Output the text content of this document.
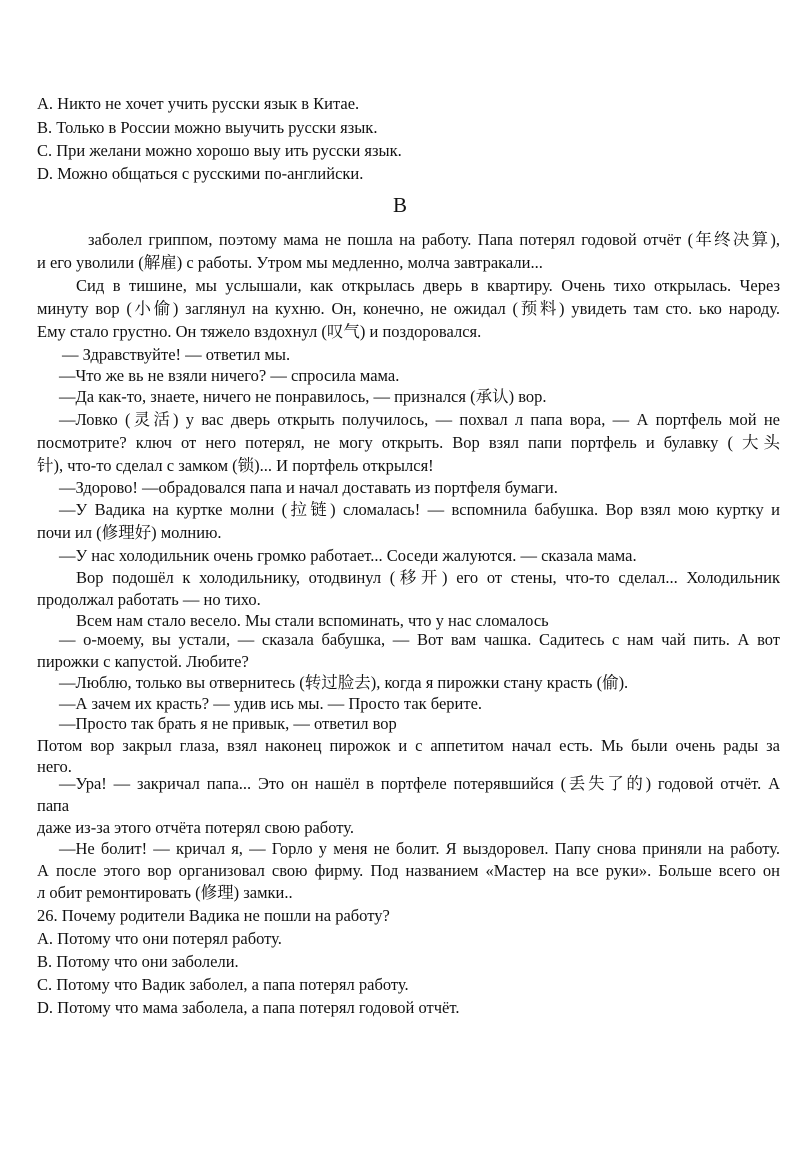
A. Никто не хочет учить русски язык в Китае.
B. Только в России можно выучить русски язык.
C. При желани можно хорошо выу ить русски язык.
D. Можно общаться с русскими по-английски.
B
заболел гриппом, поэтому мама не пошла на работу. Папа потерял годовой отчёт (年终决算),
и его уволили (解雇) с работы. Утром мы медленно, молча завтракали...
Сид в тишине, мы услышали, как открылась дверь в квартиру. Очень тихо открылась. Через
минуту вор (小偷) заглянул на кухню. Он, конечно, не ожидал (预料) увидеть там сто. ько народу.
Ему стало грустно. Он тяжело вздохнул (叹气) и поздоровался.
— Здравствуйте! — ответил мы.
—Что же вь не взяли ничего? — спросила мама.
—Да как-то, знаете, ничего не понравилось, — признался (承认) вор.
—Ловко (灵活) у вас дверь открыть получилось, — похвал л папа вора, — А портфель мой не
посмотрите? ключ от него потерял, не могу открыть. Вор взял папи портфель и булавку ( 大头
针), что-то сделал с замком (锁)... И портфель открылся!
—Здорово! —обрадовался папа и начал доставать из портфеля бумаги.
—У Вадика на куртке молни (拉链) сломалась! — вспомнила бабушка. Вор взял мою куртку и
почи ил (修理好) молнию.
—У нас холодильник очень громко работает... Соседи жалуются. — сказала мама.
Вор подошёл к холодильнику, отодвинул (移开) его от стены, что-то сделал... Холодильник
продолжал работать — но тихо.
Всем нам стало весело. Мы стали вспоминать, что у нас сломалось
— о-моему, вы устали, — сказала бабушка, — Вот вам чашка. Садитесь с нам чай пить. А вот
пирожки с капустой. Любите?
—Люблю, только вы отвернитесь (转过脸去), когда я пирожки стану красть (偷).
—А зачем их красть? — удив ись мы. — Просто так берите.
—Просто так брать я не привык, — ответил вор
Потом вор закрыл глаза, взял наконец пирожок и с аппетитом начал есть. Мь были очень рады за
него.
—Ура! — закричал папа... Это он нашёл в портфеле потерявшийся (丢失了的) годовой отчёт. А
папа
даже из-за этого отчёта потерял свою работу.
—Не болит! — кричал я, — Горло у меня не болит. Я выздоровел. Папу снова приняли на работу.
А после этого вор организовал свою фирму. Под названием «Мастер на все руки». Больше всего он
л обит ремонтировать (修理) замки..
26. Почему родители Вадика не пошли на работу?
A. Потому что они потерял работу.
B. Потому что они заболели.
C. Потому что Вадик заболел, а папа потерял работу.
D. Потому что мама заболела, а папа потерял годовой отчёт.
